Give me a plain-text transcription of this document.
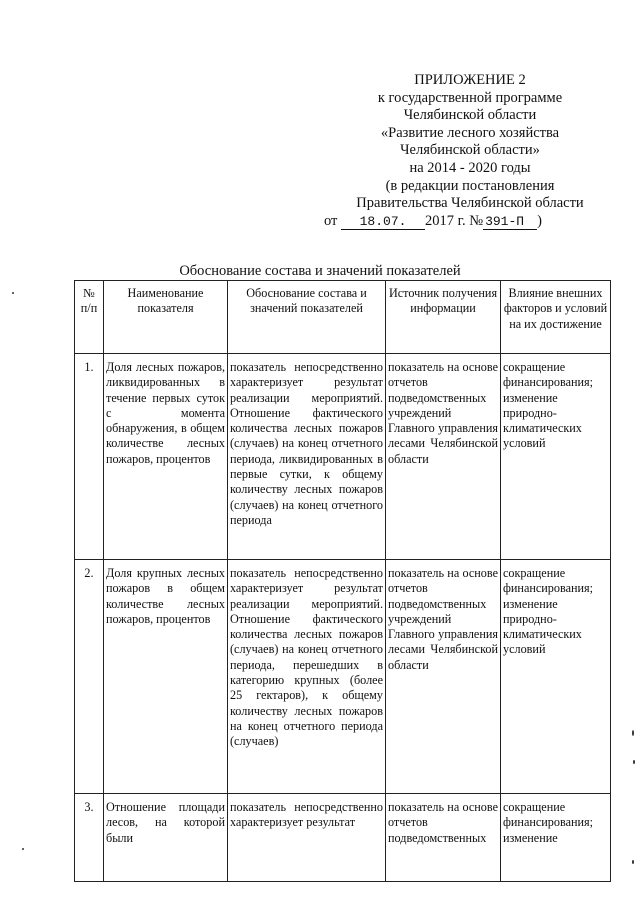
ПРИЛОЖЕНИЕ 2
к государственной программе
Челябинской области
«Развитие лесного хозяйства
Челябинской области»
на 2014 - 2020 годы
(в редакции постановления
Правительства Челябинской области
от 18.07. 2017 г. № 391-П )
Обоснование состава и значений показателей
№ п/п	Наименование показателя	Обоснование состава и значений показателей	Источник получения информации	Влияние внешних факторов и условий на их достижение
1.	Доля лесных пожаров, ликвидированных в течение первых суток с момента обнаружения, в общем количестве лесных пожаров, процентов	показатель непосредственно характеризует результат реализации мероприятий. Отношение фактического количества лесных пожаров (случаев) на конец отчетного периода, ликвидированных в первые сутки, к общему количеству лесных пожаров (случаев) на конец отчетного периода	показатель на основе отчетов подведомственных учреждений Главного управления лесами Челябинской области	сокращение финансирования; изменение природно-климатических условий
2.	Доля крупных лесных пожаров в общем количестве лесных пожаров, процентов	показатель непосредственно характеризует результат реализации мероприятий. Отношение фактического количества лесных пожаров (случаев) на конец отчетного периода, перешедших в категорию крупных (более 25 гектаров), к общему количеству лесных пожаров на конец отчетного периода (случаев)	показатель на основе отчетов подведомственных учреждений Главного управления лесами Челябинской области	сокращение финансирования; изменение природно-климатических условий
3.	Отношение площади лесов, на которой были	показатель непосредственно характеризует результат	показатель на основе отчетов подведомственных	сокращение финансирования; изменение
